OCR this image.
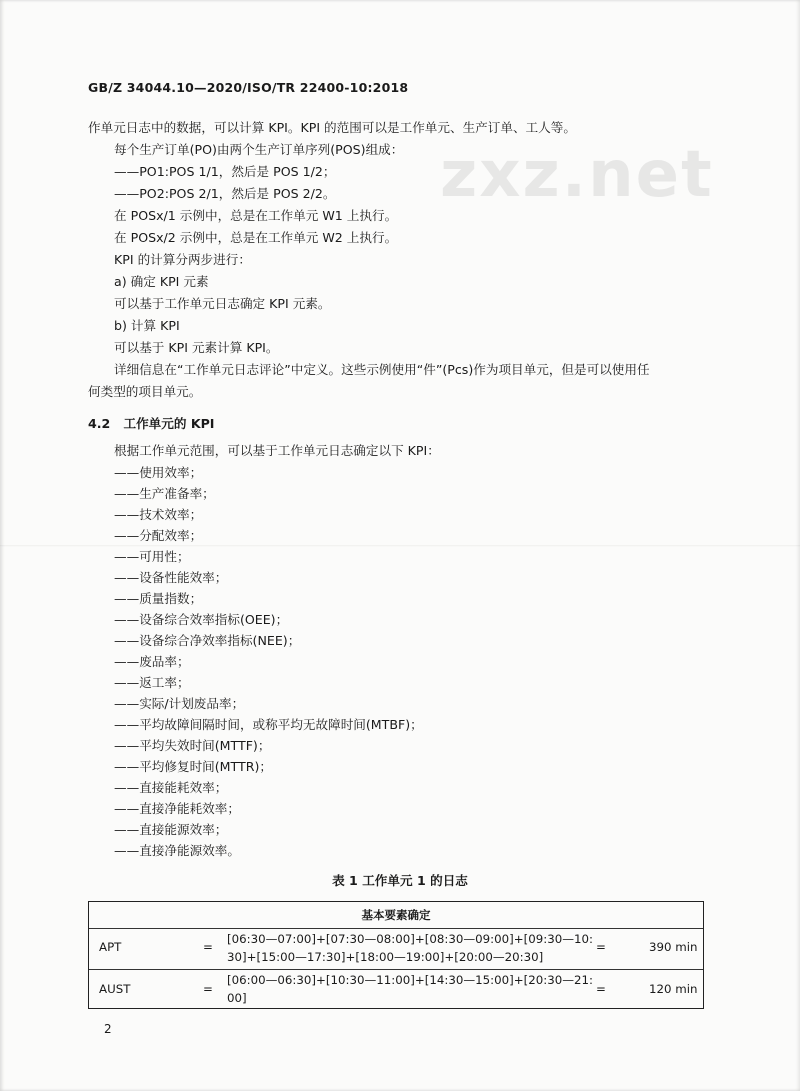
GB/Z 34044.10—2020/ISO/TR 22400-10:2018
zxz.net
作单元日志中的数据，可以计算 KPI。KPI 的范围可以是工作单元、生产订单、工人等。
每个生产订单(PO)由两个生产订单序列(POS)组成：
——PO1:POS 1/1，然后是 POS 1/2；
——PO2:POS 2/1，然后是 POS 2/2。
在 POSx/1 示例中，总是在工作单元 W1 上执行。
在 POSx/2 示例中，总是在工作单元 W2 上执行。
KPI 的计算分两步进行：
a) 确定 KPI 元素
可以基于工作单元日志确定 KPI 元素。
b) 计算 KPI
可以基于 KPI 元素计算 KPI。
详细信息在“工作单元日志评论”中定义。这些示例使用“件”(Pcs)作为项目单元，但是可以使用任
何类型的项目单元。
4.2 工作单元的 KPI
根据工作单元范围，可以基于工作单元日志确定以下 KPI：
——使用效率；
——生产准备率；
——技术效率；
——分配效率；
——可用性；
——设备性能效率；
——质量指数；
——设备综合效率指标(OEE)；
——设备综合净效率指标(NEE)；
——废品率；
——返工率；
——实际/计划废品率；
——平均故障间隔时间，或称平均无故障时间(MTBF)；
——平均失效时间(MTTF)；
——平均修复时间(MTTR)；
——直接能耗效率；
——直接净能耗效率；
——直接能源效率；
——直接净能源效率。
表 1 工作单元 1 的日志
基本要素确定
APT	=
[06:30—07:00]+[07:30—08:00]+[08:30—09:00]+[09:30—10:
30]+[15:00—17:30]+[18:00—19:00]+[20:00—20:30]
=	390 min
AUST	=
[06:00—06:30]+[10:30—11:00]+[14:30—15:00]+[20:30—21:
00]
=	120 min
2
